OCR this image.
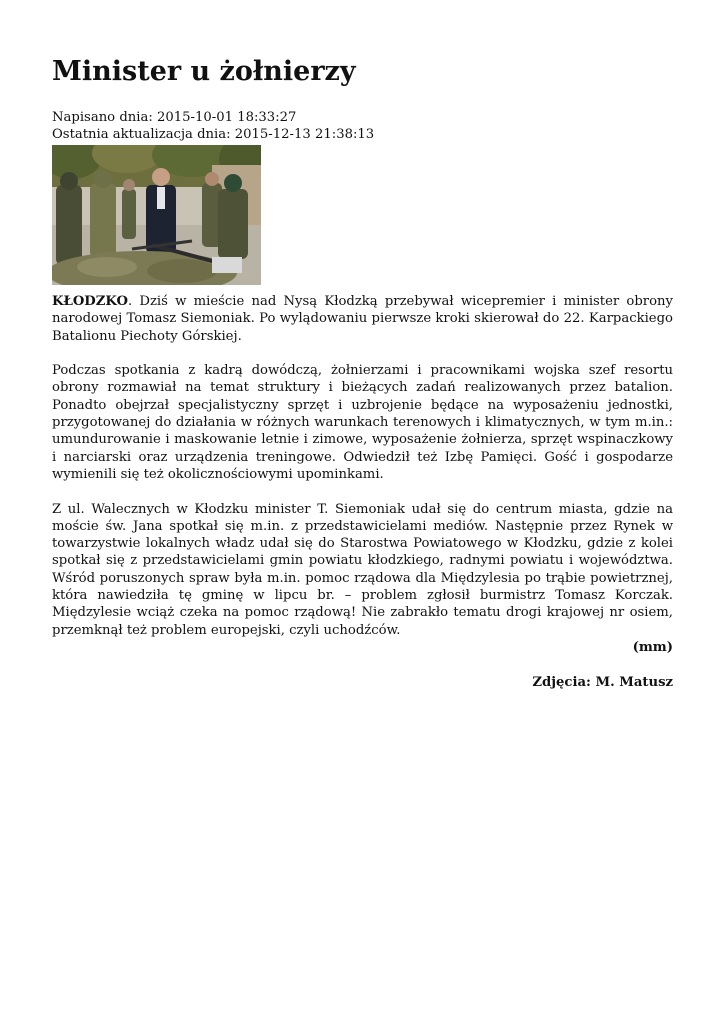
Minister u żołnierzy
Napisano dnia: 2015-10-01 18:33:27
Ostatnia aktualizacja dnia: 2015-12-13 21:38:13

KŁODZKO. Dziś w mieście nad Nysą Kłodzką przebywał wicepremier i minister obrony narodowej Tomasz Siemoniak. Po wylądowaniu pierwsze kroki skierował do 22. Karpackiego Batalionu Piechoty Górskiej.

Podczas spotkania z kadrą dowódczą, żołnierzami i pracownikami wojska szef resortu obrony rozmawiał na temat struktury i bieżących zadań realizowanych przez batalion. Ponadto obejrzał specjalistyczny sprzęt i uzbrojenie będące na wyposażeniu jednostki, przygotowanej do działania w różnych warunkach terenowych i klimatycznych, w tym m.in.: umundurowanie i maskowanie letnie i zimowe, wyposażenie żołnierza, sprzęt wspinaczkowy i narciarski oraz urządzenia treningowe. Odwiedził też Izbę Pamięci. Gość i gospodarze wymienili się też okolicznościowymi upominkami.

Z ul. Walecznych w Kłodzku minister T. Siemoniak udał się do centrum miasta, gdzie na moście św. Jana spotkał się m.in. z przedstawicielami mediów. Następnie przez Rynek w towarzystwie lokalnych władz udał się do Starostwa Powiatowego w Kłodzku, gdzie z kolei spotkał się z przedstawicielami gmin powiatu kłodzkiego, radnymi powiatu i województwa. Wśród poruszonych spraw była m.in. pomoc rządowa dla Międzylesia po trąbie powietrznej, która nawiedziła tę gminę w lipcu br. – problem zgłosił burmistrz Tomasz Korczak. Międzylesie wciąż czeka na pomoc rządową! Nie zabrakło tematu drogi krajowej nr osiem, przemknął też problem europejski, czyli uchodźców.

(mm)

Zdjęcia: M. Matusz
